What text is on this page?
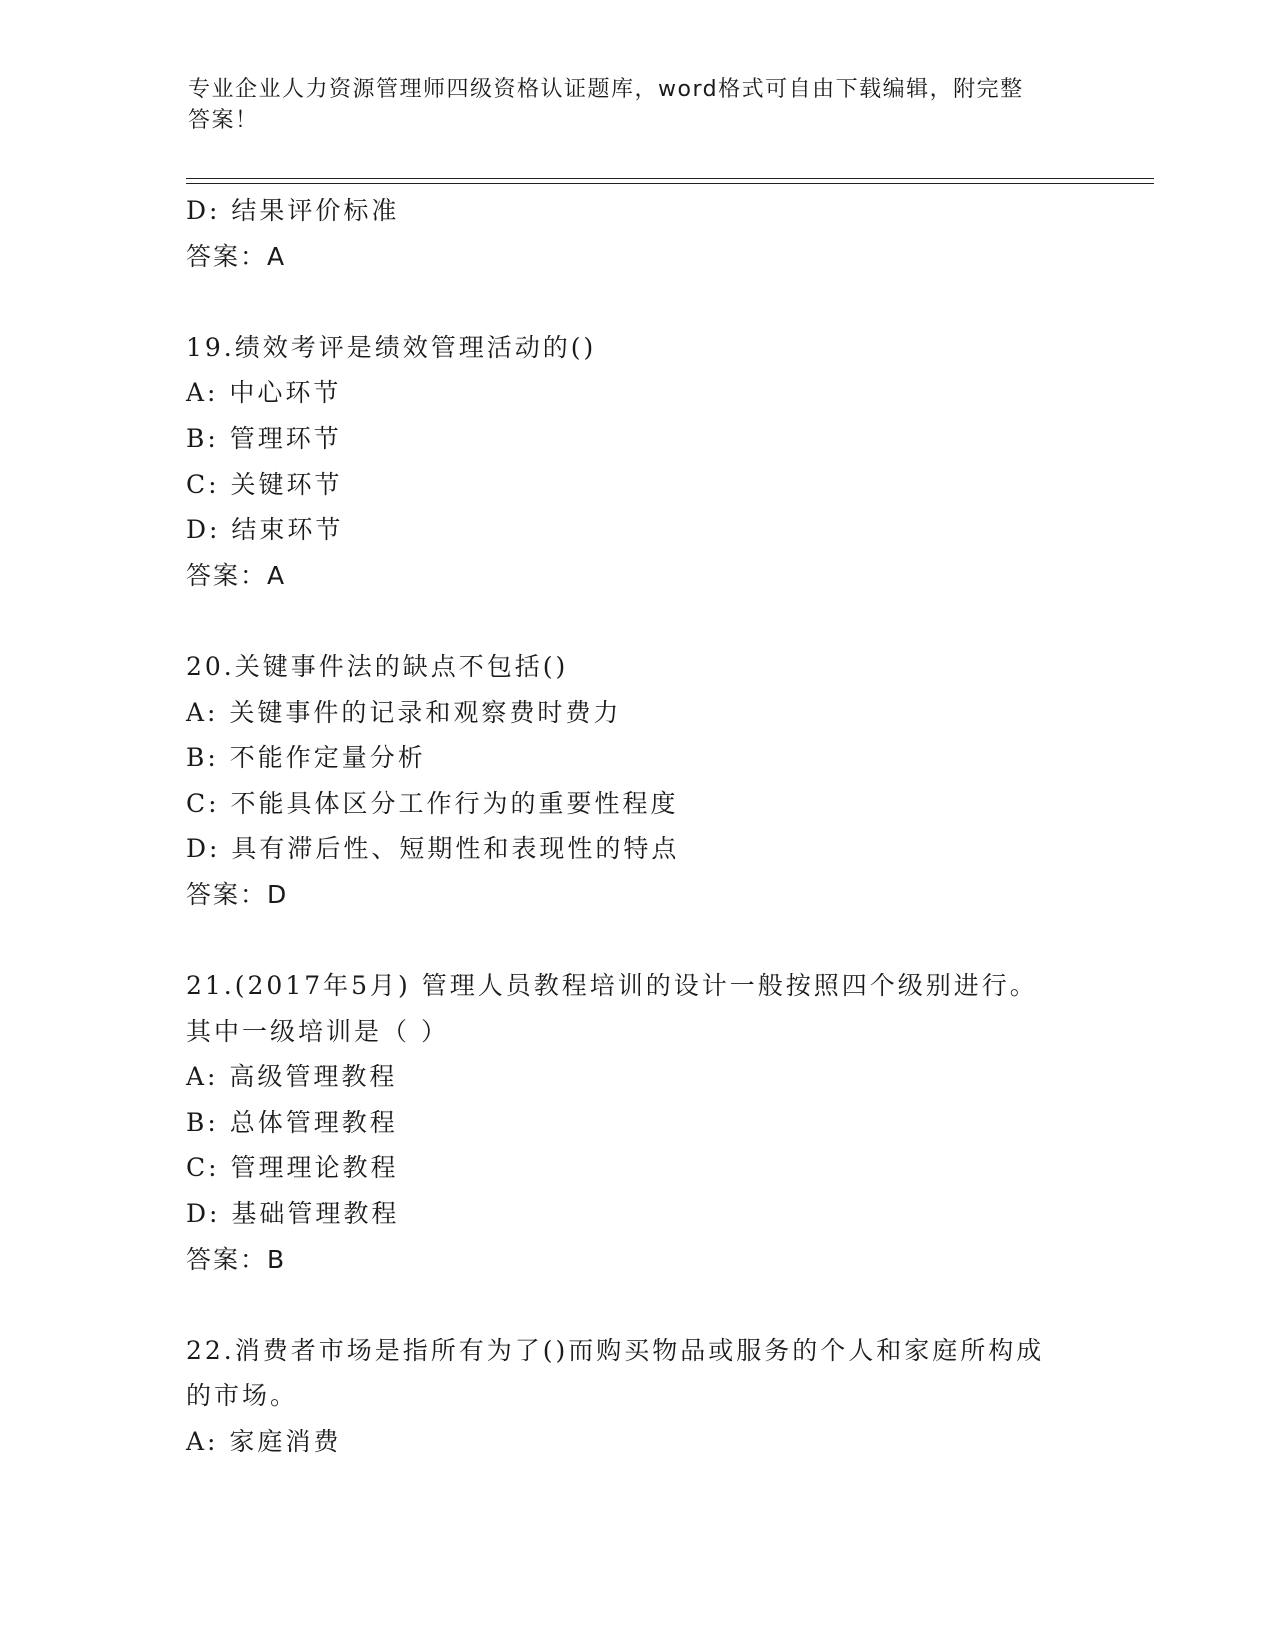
专业企业人力资源管理师四级资格认证题库，word格式可自由下载编辑，附完整
答案！
D: 结果评价标准
答案：A
19.绩效考评是绩效管理活动的()
A: 中心环节
B: 管理环节
C: 关键环节
D: 结束环节
答案：A
20.关键事件法的缺点不包括()
A: 关键事件的记录和观察费时费力
B: 不能作定量分析
C: 不能具体区分工作行为的重要性程度
D: 具有滞后性、短期性和表现性的特点
答案：D
21.(2017年5月) 管理人员教程培训的设计一般按照四个级别进行。
其中一级培训是（ ）
A: 高级管理教程
B: 总体管理教程
C: 管理理论教程
D: 基础管理教程
答案：B
22.消费者市场是指所有为了()而购买物品或服务的个人和家庭所构成
的市场。
A: 家庭消费
